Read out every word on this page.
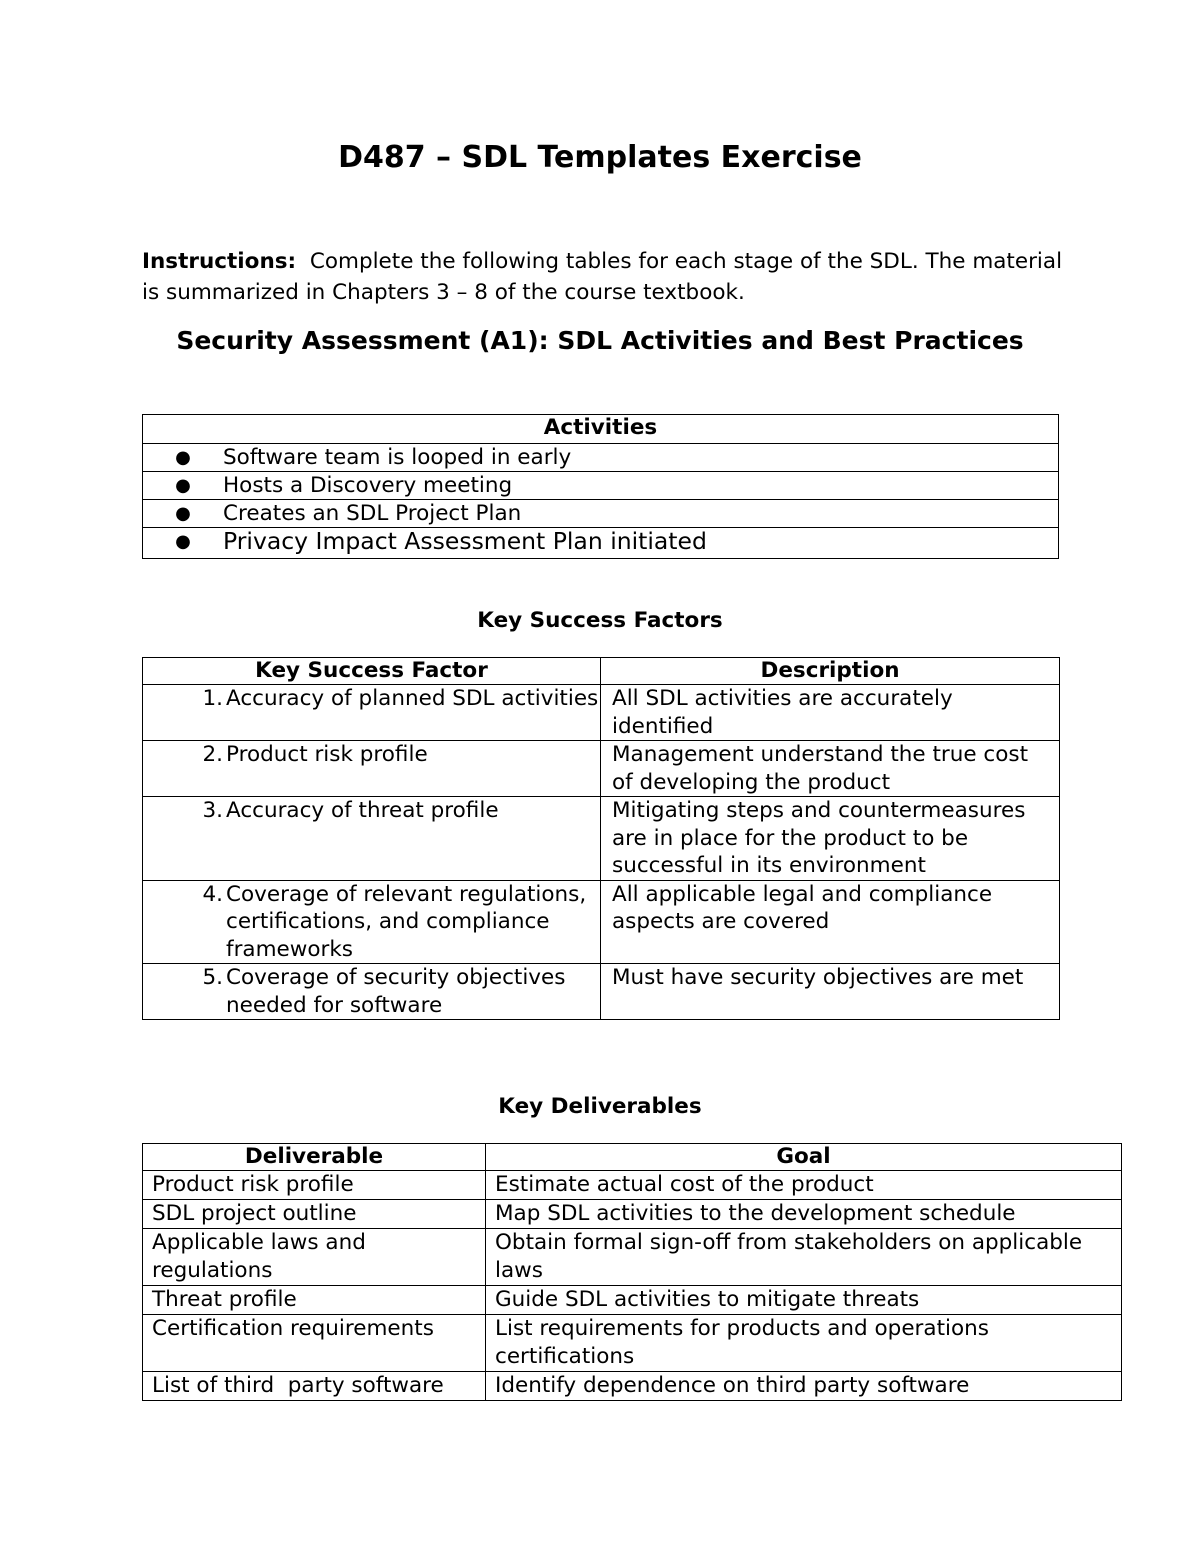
D487 – SDL Templates Exercise

Instructions: Complete the following tables for each stage of the SDL. The material is summarized in Chapters 3 – 8 of the course textbook.

Security Assessment (A1): SDL Activities and Best Practices
Activities

●	Software team is looped in early

●	Hosts a Discovery meeting

●	Creates an SDL Project Plan

●	Privacy Impact Assessment Plan initiated
Key Success Factors
Key Success Factor	Description

1. Accuracy of planned SDL activities	All SDL activities are accurately identified

2. Product risk profile	Management understand the true cost of developing the product

3. Accuracy of threat profile	Mitigating steps and countermeasures are in place for the product to be successful in its environment

4. Coverage of relevant regulations, certifications, and compliance frameworks	All applicable legal and compliance aspects are covered

5. Coverage of security objectives needed for software	Must have security objectives are met
Key Deliverables
Deliverable	Goal
Product risk profile	Estimate actual cost of the product
SDL project outline	Map SDL activities to the development schedule
Applicable laws and regulations	Obtain formal sign-off from stakeholders on applicable laws
Threat profile	Guide SDL activities to mitigate threats
Certification requirements	List requirements for products and operations certifications
List of third  party software	Identify dependence on third party software
